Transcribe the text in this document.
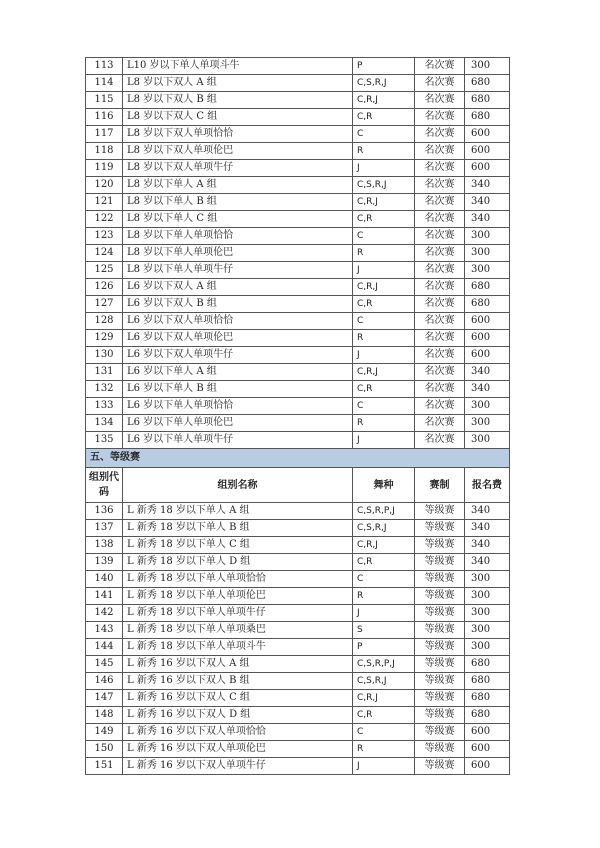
113	L10 岁以下单人单项斗牛	P	名次赛	300
114	L8 岁以下双人 A 组	C,S,R,J	名次赛	680
115	L8 岁以下双人 B 组	C,R,J	名次赛	680
116	L8 岁以下双人 C 组	C,R	名次赛	680
117	L8 岁以下双人单项恰恰	C	名次赛	600
118	L8 岁以下双人单项伦巴	R	名次赛	600
119	L8 岁以下双人单项牛仔	J	名次赛	600
120	L8 岁以下单人 A 组	C,S,R,J	名次赛	340
121	L8 岁以下单人 B 组	C,R,J	名次赛	340
122	L8 岁以下单人 C 组	C,R	名次赛	340
123	L8 岁以下单人单项恰恰	C	名次赛	300
124	L8 岁以下单人单项伦巴	R	名次赛	300
125	L8 岁以下单人单项牛仔	J	名次赛	300
126	L6 岁以下双人 A 组	C,R,J	名次赛	680
127	L6 岁以下双人 B 组	C,R	名次赛	680
128	L6 岁以下双人单项恰恰	C	名次赛	600
129	L6 岁以下双人单项伦巴	R	名次赛	600
130	L6 岁以下双人单项牛仔	J	名次赛	600
131	L6 岁以下单人 A 组	C,R,J	名次赛	340
132	L6 岁以下单人 B 组	C,R	名次赛	340
133	L6 岁以下单人单项恰恰	C	名次赛	300
134	L6 岁以下单人单项伦巴	R	名次赛	300
135	L6 岁以下单人单项牛仔	J	名次赛	300
五、等级赛				
组别代码	组别名称	舞种	赛制	报名费
136	L 新秀 18 岁以下单人 A 组	C,S,R,P,J	等级赛	340
137	L 新秀 18 岁以下单人 B 组	C,S,R,J	等级赛	340
138	L 新秀 18 岁以下单人 C 组	C,R,J	等级赛	340
139	L 新秀 18 岁以下单人 D 组	C,R	等级赛	340
140	L 新秀 18 岁以下单人单项恰恰	C	等级赛	300
141	L 新秀 18 岁以下单人单项伦巴	R	等级赛	300
142	L 新秀 18 岁以下单人单项牛仔	J	等级赛	300
143	L 新秀 18 岁以下单人单项桑巴	S	等级赛	300
144	L 新秀 18 岁以下单人单项斗牛	P	等级赛	300
145	L 新秀 16 岁以下双人 A 组	C,S,R,P,J	等级赛	680
146	L 新秀 16 岁以下双人 B 组	C,S,R,J	等级赛	680
147	L 新秀 16 岁以下双人 C 组	C,R,J	等级赛	680
148	L 新秀 16 岁以下双人 D 组	C,R	等级赛	680
149	L 新秀 16 岁以下双人单项恰恰	C	等级赛	600
150	L 新秀 16 岁以下双人单项伦巴	R	等级赛	600
151	L 新秀 16 岁以下双人单项牛仔	J	等级赛	600
